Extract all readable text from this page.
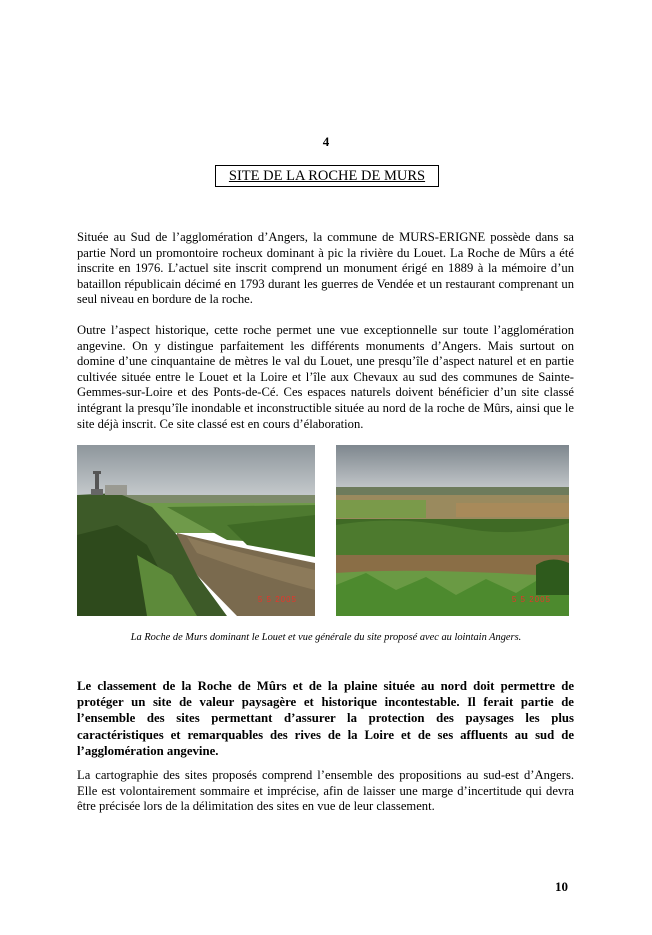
4
SITE DE LA ROCHE DE MURS

Située au Sud de l’agglomération d’Angers, la commune de MURS-ERIGNE possède dans sa partie Nord un promontoire rocheux dominant à pic la rivière du Louet. La Roche de Mûrs a été inscrite en 1976. L’actuel site inscrit comprend un monument érigé en 1889 à la mémoire d’un bataillon républicain décimé en 1793 durant les guerres de Vendée et un restaurant comprenant un seul niveau en bordure de la roche.

Outre l’aspect historique, cette roche permet une vue exceptionnelle sur toute l’agglomération angevine. On y distingue parfaitement les différents monuments d’Angers. Mais surtout on domine d’une cinquantaine de mètres le val du Louet, une presqu’île d’aspect naturel et en partie cultivée située entre le Louet et la Loire et l’île aux Chevaux au sud des communes de Sainte-Gemmes-sur-Loire et des Ponts-de-Cé. Ces espaces naturels doivent bénéficier d’un site classé intégrant la presqu’île inondable et inconstructible située au nord de la roche de Mûrs, ainsi que le site déjà inscrit. Ce site classé est en cours d’élaboration.

5 5 2005	5 5 2005
La Roche de Murs dominant le Louet et vue générale du site proposé avec au lointain Angers.

Le classement de la Roche de Mûrs et de la plaine située au nord doit permettre de protéger un site de valeur paysagère et historique incontestable. Il ferait partie de l’ensemble des sites permettant d’assurer la protection des paysages les plus caractéristiques et remarquables des rives de la Loire et de ses affluents au sud de l’agglomération angevine.

La cartographie des sites proposés comprend l’ensemble des propositions au sud-est d’Angers. Elle est volontairement sommaire et imprécise, afin de laisser une marge d’incertitude qui devra être précisée lors de la délimitation des sites en vue de leur classement.

10
